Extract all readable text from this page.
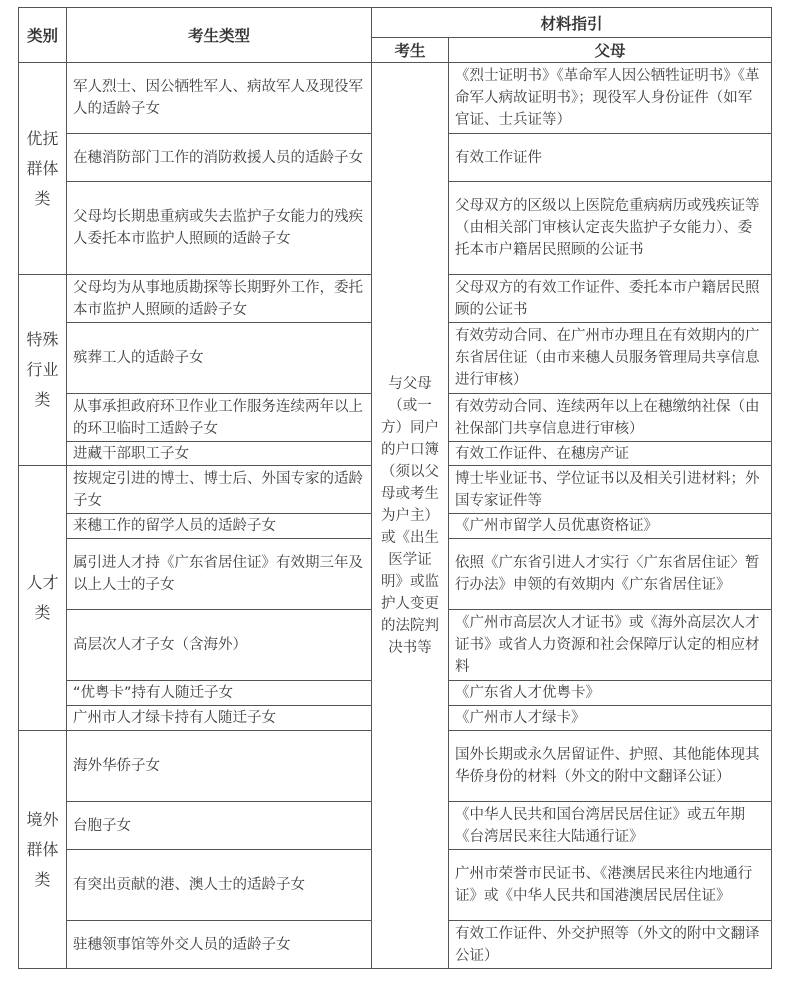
类别	考生类型	材料指引	
		考生	父母
优抚群体类	军人烈士、因公牺牲军人、病故军人及现役军人的适龄子女	与父母（或一方）同户的户口簿（须以父母或考生为户主）或《出生医学证明》或监护人变更的法院判决书等	《烈士证明书》《革命军人因公牺牲证明书》《革命军人病故证明书》；现役军人身份证件（如军官证、士兵证等）
	在穗消防部门工作的消防救援人员的适龄子女		有效工作证件
	父母均长期患重病或失去监护子女能力的残疾人委托本市监护人照顾的适龄子女		父母双方的区级以上医院危重病病历或残疾证等（由相关部门审核认定丧失监护子女能力）、委托本市户籍居民照顾的公证书
特殊行业类	父母均为从事地质勘探等长期野外工作，委托本市监护人照顾的适龄子女		父母双方的有效工作证件、委托本市户籍居民照顾的公证书
	殡葬工人的适龄子女		有效劳动合同、在广州市办理且在有效期内的广东省居住证（由市来穗人员服务管理局共享信息进行审核）
	从事承担政府环卫作业工作服务连续两年以上的环卫临时工适龄子女		有效劳动合同、连续两年以上在穗缴纳社保（由社保部门共享信息进行审核）
	进藏干部职工子女		有效工作证件、在穗房产证
人才类	按规定引进的博士、博士后、外国专家的适龄子女		博士毕业证书、学位证书以及相关引进材料；外国专家证件等
	来穗工作的留学人员的适龄子女		《广州市留学人员优惠资格证》
	属引进人才持《广东省居住证》有效期三年及以上人士的子女		依照《广东省引进人才实行〈广东省居住证〉暂行办法》申领的有效期内《广东省居住证》
	高层次人才子女（含海外）		《广州市高层次人才证书》或《海外高层次人才证书》或省人力资源和社会保障厅认定的相应材料
	“优粤卡”持有人随迁子女		《广东省人才优粤卡》
	广州市人才绿卡持有人随迁子女		《广州市人才绿卡》
境外群体类	海外华侨子女		国外长期或永久居留证件、护照、其他能体现其华侨身份的材料（外文的附中文翻译公证）
	台胞子女		《中华人民共和国台湾居民居住证》或五年期《台湾居民来往大陆通行证》
	有突出贡献的港、澳人士的适龄子女		广州市荣誉市民证书、《港澳居民来往内地通行证》或《中华人民共和国港澳居民居住证》
	驻穗领事馆等外交人员的适龄子女		有效工作证件、外交护照等（外文的附中文翻译公证）
